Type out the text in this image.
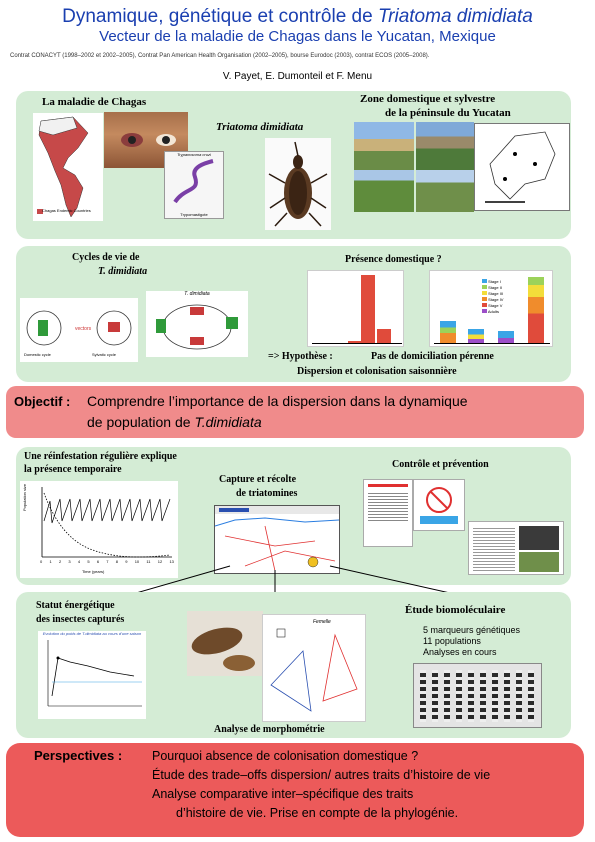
Dynamique, génétique et contrôle de Triatoma dimidiata
Vecteur de la maladie de Chagas dans le Yucatan, Mexique
Contrat CONACYT (1998–2002 et 2002–2005), Contrat Pan American Health Organisation (2002–2005), bourse Eurodoc (2003), contrat ECOS (2005–2008).
V. Payet, E. Dumonteil et F. Menu
La maladie de Chagas
Chagas Endemic Countries
Trypanosoma cruzi
Trypomastigote
Triatoma dimidiata
Zone domestique et sylvestre
de la péninsule du Yucatan
Cycles de vie de
T. dimidiata
vectors
Domestic cycle	Sylvatic cycle
T. dimidiata
Présence domestique ?
Stage I
Stage II
Stage III
Stage IV
Stage V
Adults
=> Hypothèse :	Pas de domiciliation pérenne
Dispersion et colonisation saisonnière
Objectif : Comprendre l’importance de la dispersion dans la dynamique
de population de T.dimidiata
Une réinfestation régulière explique
la présence temporaire
Population size
0 1 2 3 4 5 6 7 8 9 10 11 12 13
Time (years)
Capture et récolte
de triatomines
Contrôle et prévention
Statut énergétique
des insectes capturés
Evolution du poids de T.dimidiata au cours d'une saison
Femelle
Analyse de morphométrie
Étude biomoléculaire
5 marqueurs génétiques
11 populations
Analyses en cours
Perspectives : Pourquoi absence de colonisation domestique ?
Étude des trade–offs dispersion/ autres traits d’histoire de vie
Analyse comparative inter–spécifique des traits
d’histoire de vie. Prise en compte de la phylogénie.
